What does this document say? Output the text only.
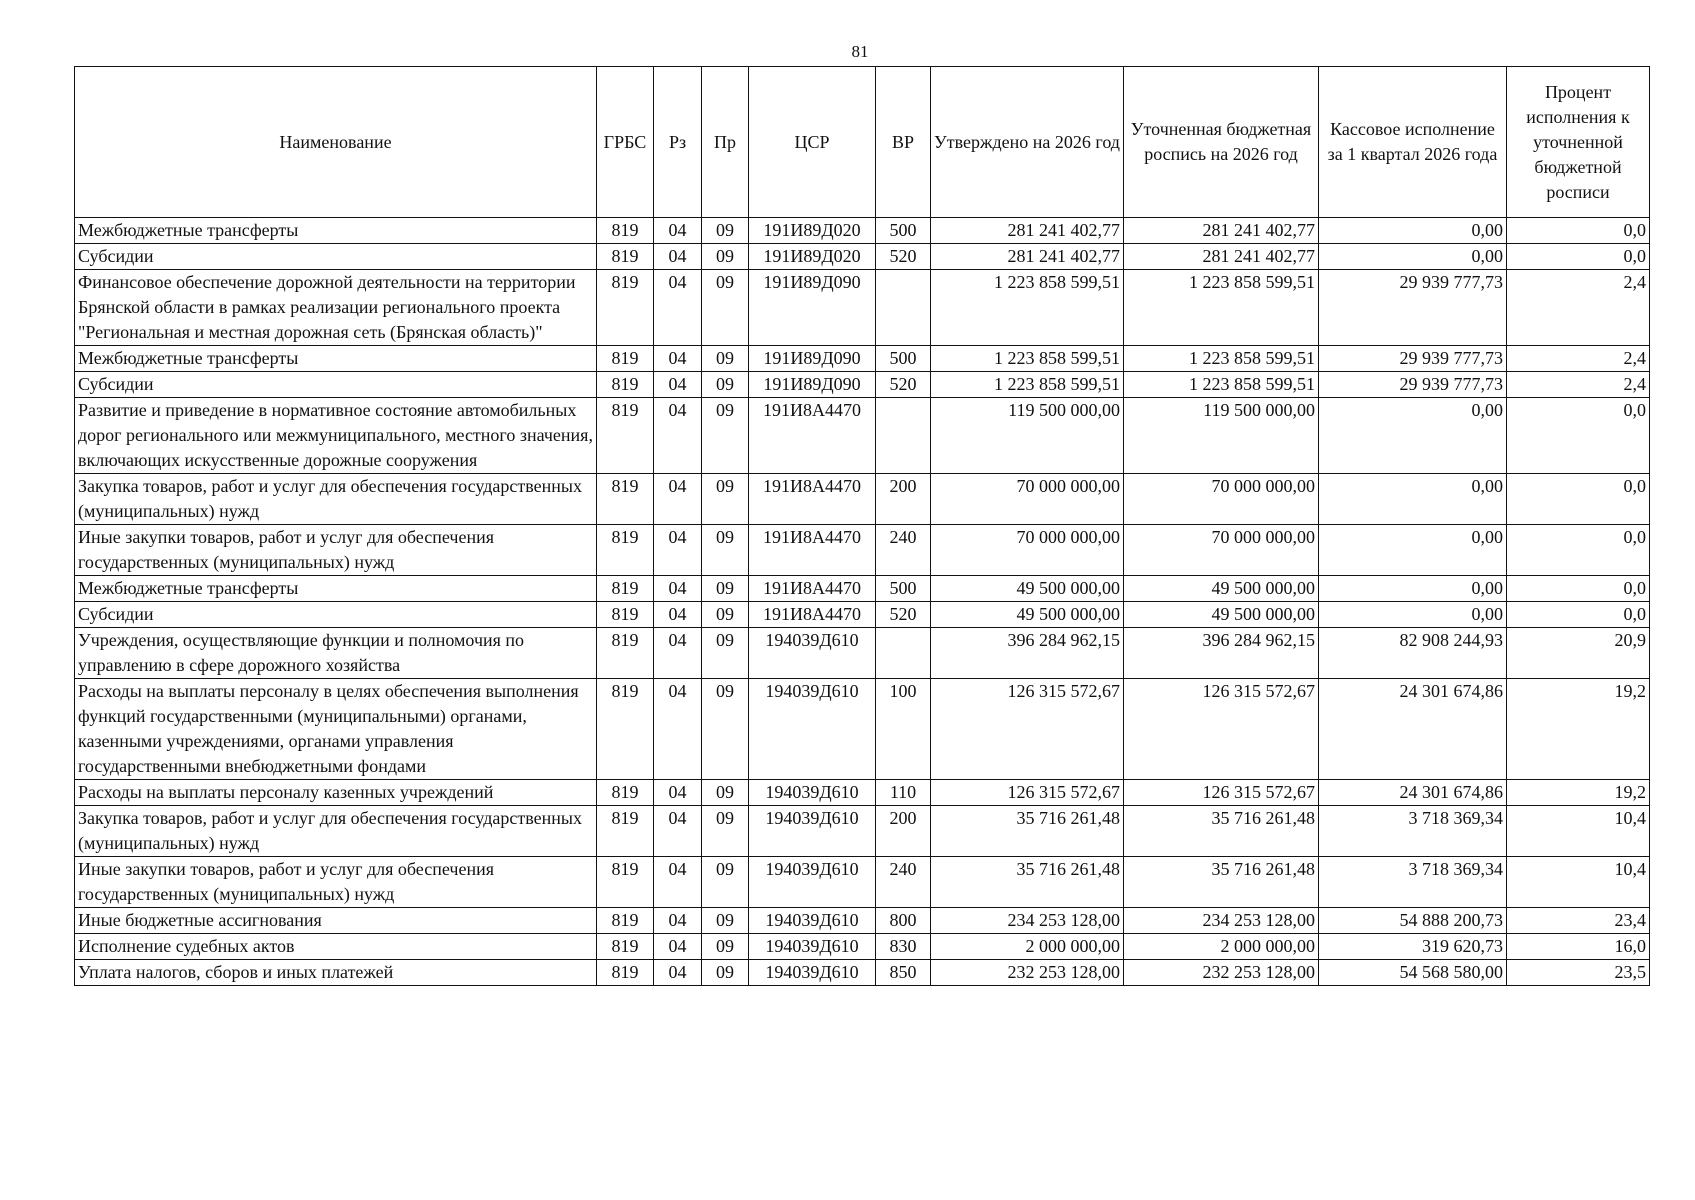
81
Наименование	ГРБС	Рз	Пр	ЦСР	ВР	Утверждено на 2026 год	Уточненная бюджетная роспись на 2026 год	Кассовое исполнение за 1 квартал 2026 года	Процент исполнения к уточненной бюджетной росписи
Межбюджетные трансферты	819	04	09	191И89Д020	500	281 241 402,77	281 241 402,77	0,00	0,0
Субсидии	819	04	09	191И89Д020	520	281 241 402,77	281 241 402,77	0,00	0,0
Финансовое обеспечение дорожной деятельности на территории Брянской области в рамках реализации регионального проекта "Региональная и местная дорожная сеть (Брянская область)"	819	04	09	191И89Д090		1 223 858 599,51	1 223 858 599,51	29 939 777,73	2,4
Межбюджетные трансферты	819	04	09	191И89Д090	500	1 223 858 599,51	1 223 858 599,51	29 939 777,73	2,4
Субсидии	819	04	09	191И89Д090	520	1 223 858 599,51	1 223 858 599,51	29 939 777,73	2,4
Развитие и приведение в нормативное состояние автомобильных дорог регионального или межмуниципального, местного значения, включающих искусственные дорожные сооружения	819	04	09	191И8А4470		119 500 000,00	119 500 000,00	0,00	0,0
Закупка товаров, работ и услуг для обеспечения государственных (муниципальных) нужд	819	04	09	191И8А4470	200	70 000 000,00	70 000 000,00	0,00	0,0
Иные закупки товаров, работ и услуг для обеспечения государственных (муниципальных) нужд	819	04	09	191И8А4470	240	70 000 000,00	70 000 000,00	0,00	0,0
Межбюджетные трансферты	819	04	09	191И8А4470	500	49 500 000,00	49 500 000,00	0,00	0,0
Субсидии	819	04	09	191И8А4470	520	49 500 000,00	49 500 000,00	0,00	0,0
Учреждения, осуществляющие функции и полномочия по управлению в сфере дорожного хозяйства	819	04	09	194039Д610		396 284 962,15	396 284 962,15	82 908 244,93	20,9
Расходы на выплаты персоналу в целях обеспечения выполнения функций государственными (муниципальными) органами, казенными учреждениями, органами управления государственными внебюджетными фондами	819	04	09	194039Д610	100	126 315 572,67	126 315 572,67	24 301 674,86	19,2
Расходы на выплаты персоналу казенных учреждений	819	04	09	194039Д610	110	126 315 572,67	126 315 572,67	24 301 674,86	19,2
Закупка товаров, работ и услуг для обеспечения государственных (муниципальных) нужд	819	04	09	194039Д610	200	35 716 261,48	35 716 261,48	3 718 369,34	10,4
Иные закупки товаров, работ и услуг для обеспечения государственных (муниципальных) нужд	819	04	09	194039Д610	240	35 716 261,48	35 716 261,48	3 718 369,34	10,4
Иные бюджетные ассигнования	819	04	09	194039Д610	800	234 253 128,00	234 253 128,00	54 888 200,73	23,4
Исполнение судебных актов	819	04	09	194039Д610	830	2 000 000,00	2 000 000,00	319 620,73	16,0
Уплата налогов, сборов и иных платежей	819	04	09	194039Д610	850	232 253 128,00	232 253 128,00	54 568 580,00	23,5
